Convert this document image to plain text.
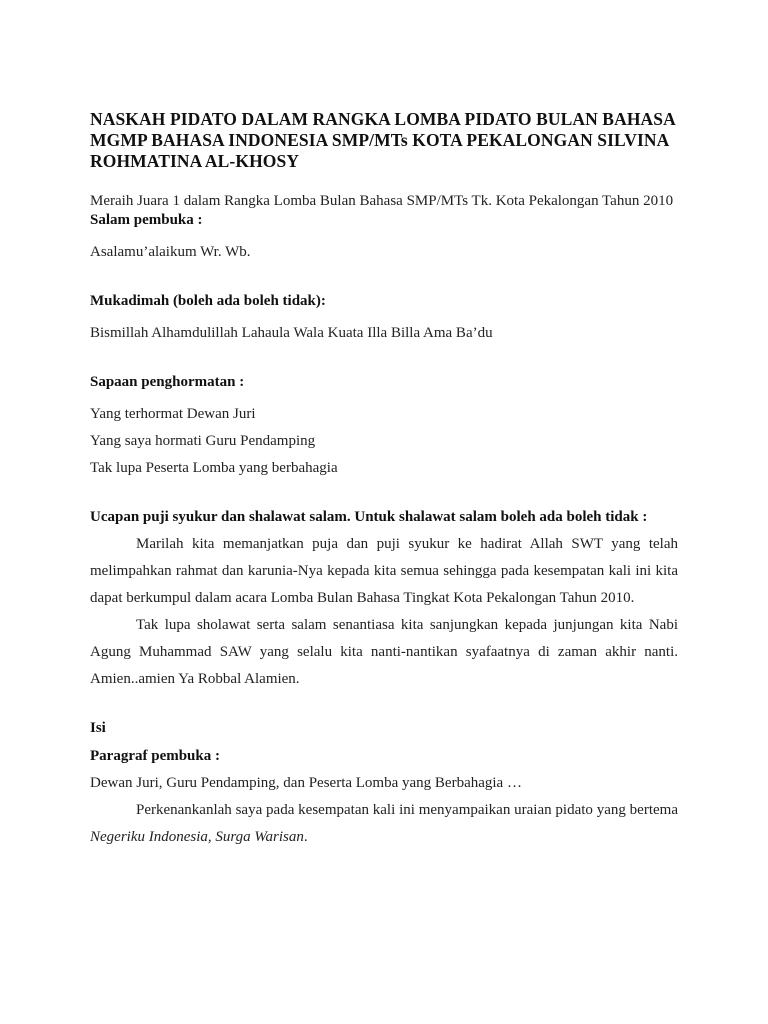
NASKAH PIDATO DALAM RANGKA LOMBA PIDATO BULAN BAHASA MGMP BAHASA INDONESIA SMP/MTs KOTA PEKALONGAN SILVINA ROHMATINA AL-KHOSY

Meraih Juara 1 dalam Rangka Lomba Bulan Bahasa SMP/MTs Tk. Kota Pekalongan Tahun 2010

Salam pembuka :

Asalamu’alaikum Wr. Wb.

Mukadimah (boleh ada boleh tidak):

Bismillah Alhamdulillah Lahaula Wala Kuata Illa Billa Ama Ba’du

Sapaan penghormatan :

Yang terhormat Dewan Juri

Yang saya hormati Guru Pendamping

Tak lupa Peserta Lomba yang berbahagia

Ucapan puji syukur dan shalawat salam. Untuk shalawat salam boleh ada boleh tidak :

Marilah kita memanjatkan puja dan puji syukur ke hadirat Allah SWT yang telah melimpahkan rahmat dan karunia-Nya kepada kita semua sehingga pada kesempatan kali ini kita dapat berkumpul dalam acara Lomba Bulan Bahasa Tingkat Kota Pekalongan Tahun 2010.

Tak lupa sholawat serta salam senantiasa kita sanjungkan kepada junjungan kita Nabi Agung Muhammad SAW yang selalu kita nanti-nantikan syafaatnya di zaman akhir nanti. Amien..amien Ya Robbal Alamien.

Isi

Paragraf pembuka :

Dewan Juri, Guru Pendamping, dan Peserta Lomba yang Berbahagia …

Perkenankanlah saya pada kesempatan kali ini menyampaikan uraian pidato yang bertema Negeriku Indonesia, Surga Warisan.
